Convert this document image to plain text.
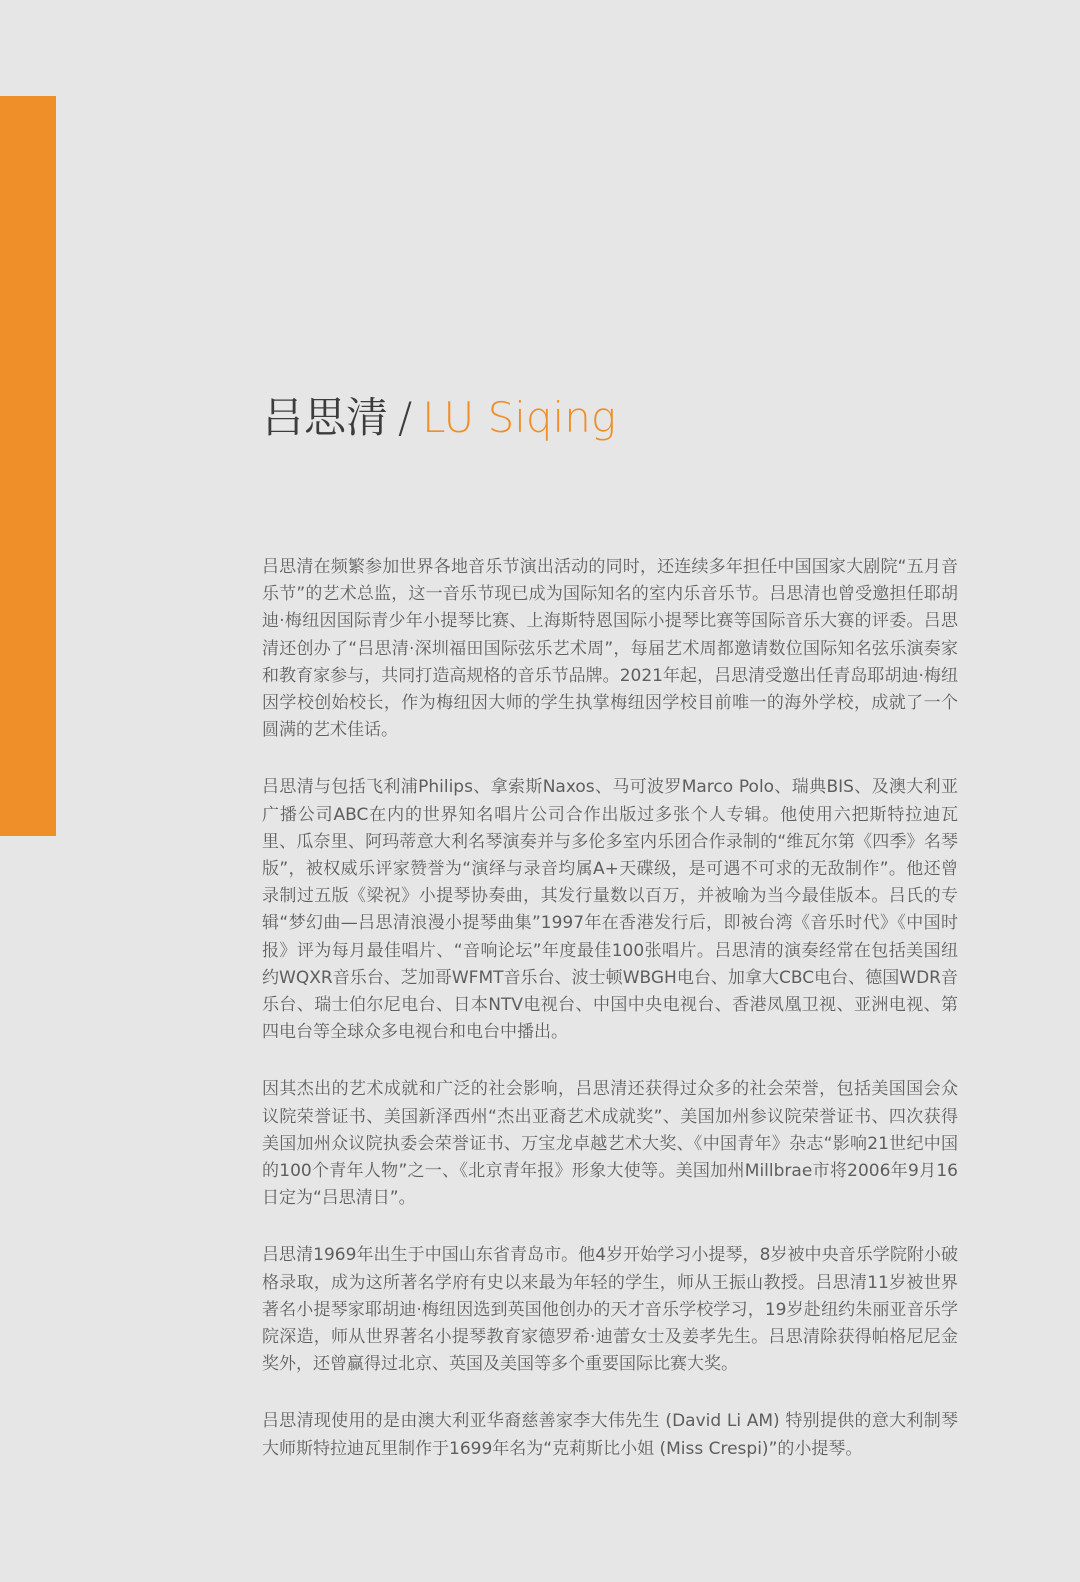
吕思清 / LU Siqing

吕思清在频繁参加世界各地音乐节演出活动的同时，还连续多年担任中国国家大剧院“五月音乐节”的艺术总监，这一音乐节现已成为国际知名的室内乐音乐节。吕思清也曾受邀担任耶胡迪·梅纽因国际青少年小提琴比赛、上海斯特恩国际小提琴比赛等国际音乐大赛的评委。吕思清还创办了“吕思清·深圳福田国际弦乐艺术周”，每届艺术周都邀请数位国际知名弦乐演奏家和教育家参与，共同打造高规格的音乐节品牌。2021年起，吕思清受邀出任青岛耶胡迪·梅纽因学校创始校长，作为梅纽因大师的学生执掌梅纽因学校目前唯一的海外学校，成就了一个圆满的艺术佳话。

吕思清与包括飞利浦Philips、拿索斯Naxos、马可波罗Marco Polo、瑞典BIS、及澳大利亚广播公司ABC在内的世界知名唱片公司合作出版过多张个人专辑。他使用六把斯特拉迪瓦里、瓜奈里、阿玛蒂意大利名琴演奏并与多伦多室内乐团合作录制的“维瓦尔第《四季》名琴版”，被权威乐评家赞誉为“演绎与录音均属A+天碟级，是可遇不可求的无敌制作”。他还曾录制过五版《梁祝》小提琴协奏曲，其发行量数以百万，并被喻为当今最佳版本。吕氏的专辑“梦幻曲—吕思清浪漫小提琴曲集”1997年在香港发行后，即被台湾《音乐时代》《中国时报》评为每月最佳唱片、“音响论坛”年度最佳100张唱片。吕思清的演奏经常在包括美国纽约WQXR音乐台、芝加哥WFMT音乐台、波士顿WBGH电台、加拿大CBC电台、德国WDR音乐台、瑞士伯尔尼电台、日本NTV电视台、中国中央电视台、香港凤凰卫视、亚洲电视、第四电台等全球众多电视台和电台中播出。

因其杰出的艺术成就和广泛的社会影响，吕思清还获得过众多的社会荣誉，包括美国国会众议院荣誉证书、美国新泽西州“杰出亚裔艺术成就奖”、美国加州参议院荣誉证书、四次获得美国加州众议院执委会荣誉证书、万宝龙卓越艺术大奖、《中国青年》杂志“影响21世纪中国的100个青年人物”之一、《北京青年报》形象大使等。美国加州Millbrae市将2006年9月16日定为“吕思清日”。

吕思清1969年出生于中国山东省青岛市。他4岁开始学习小提琴，8岁被中央音乐学院附小破格录取，成为这所著名学府有史以来最为年轻的学生，师从王振山教授。吕思清11岁被世界著名小提琴家耶胡迪·梅纽因选到英国他创办的天才音乐学校学习，19岁赴纽约朱丽亚音乐学院深造，师从世界著名小提琴教育家德罗希·迪蕾女士及姜孝先生。吕思清除获得帕格尼尼金奖外，还曾赢得过北京、英国及美国等多个重要国际比赛大奖。

吕思清现使用的是由澳大利亚华裔慈善家李大伟先生 (David Li AM) 特别提供的意大利制琴大师斯特拉迪瓦里制作于1699年名为“克莉斯比小姐 (Miss Crespi)”的小提琴。
